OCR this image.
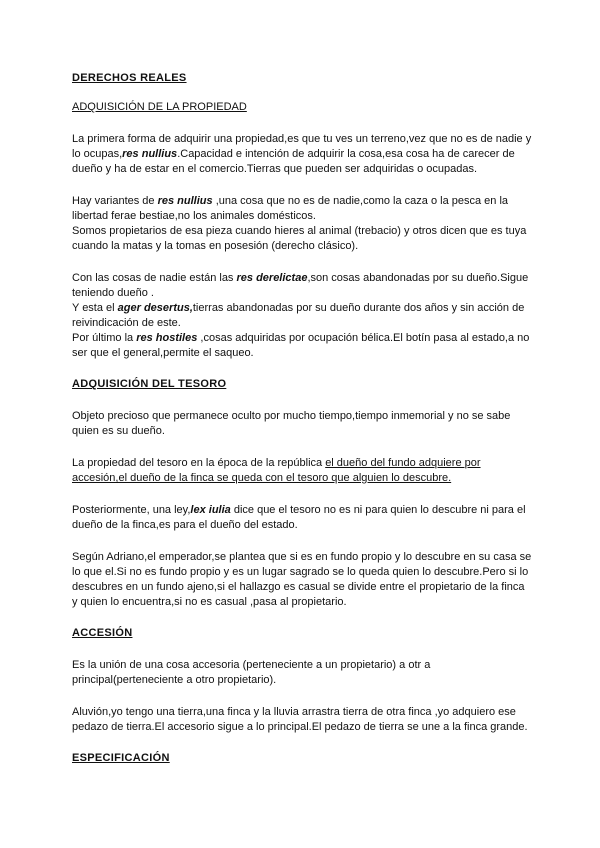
DERECHOS REALES
ADQUISICIÓN DE LA PROPIEDAD

La primera forma de adquirir una propiedad,es que tu ves un terreno,vez que no es de nadie y lo ocupas,res nullius.Capacidad e intención de adquirir la cosa,esa cosa ha de carecer de dueño y ha de estar en el comercio.Tierras que pueden ser adquiridas o ocupadas.

Hay variantes de res nullius ,una cosa que no es de nadie,como la caza o la pesca en la libertad ferae bestiae,no los animales domésticos.

Somos propietarios de esa pieza cuando hieres al animal (trebacio) y otros dicen que es tuya cuando la matas y la tomas en posesión (derecho clásico).

Con las cosas de nadie están las res derelictae,son cosas abandonadas por su dueño.Sigue teniendo dueño .

Y esta el ager desertus,tierras abandonadas por su dueño durante dos años y sin acción de reivindicación de este.

Por último la res hostiles ,cosas adquiridas por ocupación bélica.El botín pasa al estado,a no ser que el general,permite el saqueo.

ADQUISICIÓN DEL TESORO

Objeto precioso que permanece oculto por mucho tiempo,tiempo inmemorial y no se sabe quien es su dueño.

La propiedad del tesoro en la época de la república el dueño del fundo adquiere por accesión,el dueño de la finca se queda con el tesoro que alguien lo descubre.

Posteriormente, una ley,lex iulia dice que el tesoro no es ni para quien lo descubre ni para el dueño de la finca,es para el dueño del estado.

Según Adriano,el emperador,se plantea que si es en fundo propio y lo descubre en su casa se lo que el.Si no es fundo propio y es un lugar sagrado se lo queda quien lo descubre.Pero si lo descubres en un fundo ajeno,si el hallazgo es casual se divide entre el propietario de la finca y quien lo encuentra,si no es casual ,pasa al propietario.

ACCESIÓN

Es la unión de una cosa accesoria (perteneciente a un propietario) a otr a principal(perteneciente a otro propietario).

Aluvión,yo tengo una tierra,una finca y la lluvia arrastra tierra de otra finca ,yo adquiero ese pedazo de tierra.El accesorio sigue a lo principal.El pedazo de tierra se une a la finca grande.

ESPECIFICACIÓN
